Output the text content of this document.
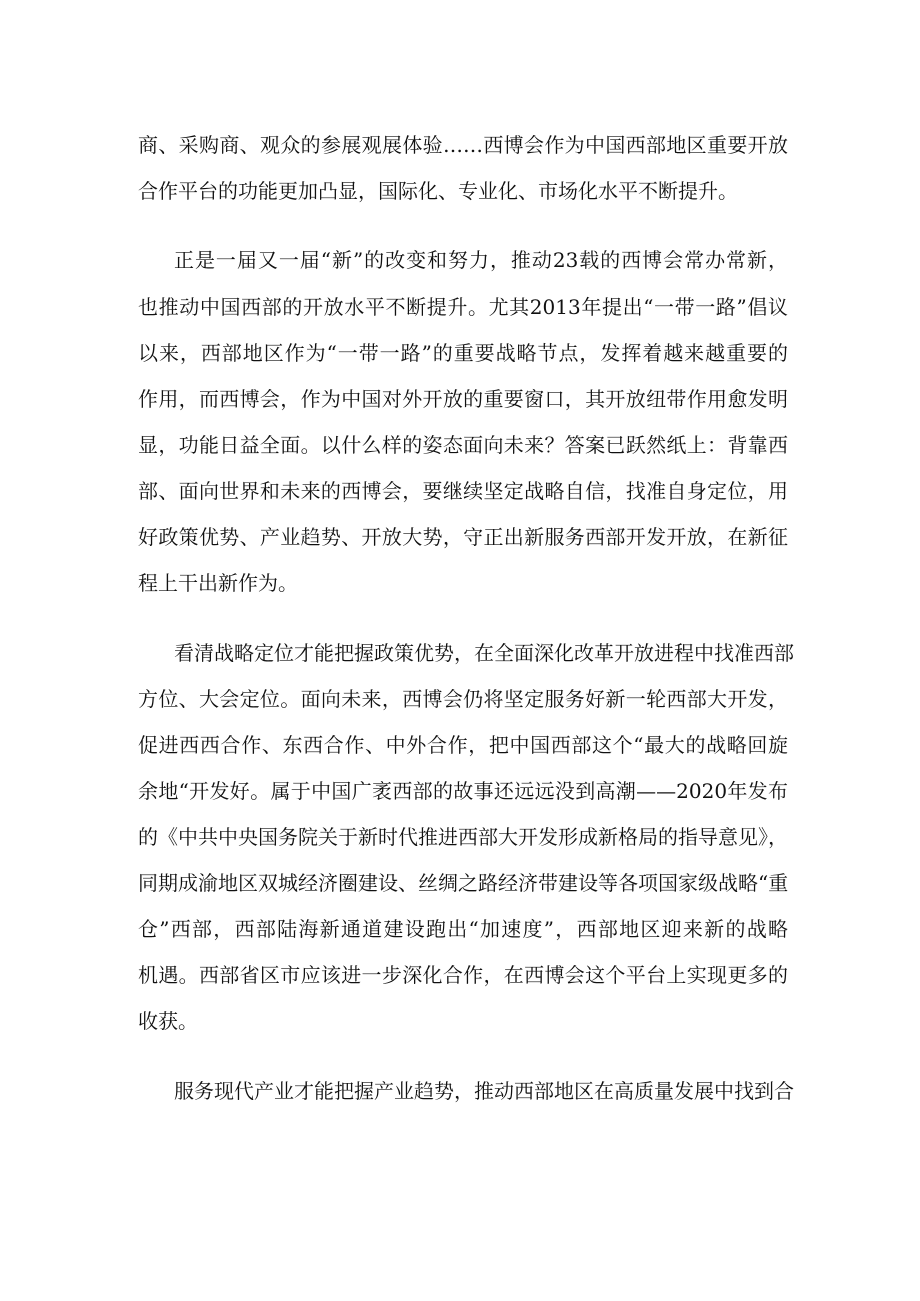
商、采购商、观众的参展观展体验……西博会作为中国西部地区重要开放

合作平台的功能更加凸显，国际化、专业化、市场化水平不断提升。

正是一届又一届“新”的改变和努力，推动23载的西博会常办常新，

也推动中国西部的开放水平不断提升。尤其2013年提出“一带一路”倡议

以来，西部地区作为“一带一路”的重要战略节点，发挥着越来越重要的

作用，而西博会，作为中国对外开放的重要窗口，其开放纽带作用愈发明

显，功能日益全面。以什么样的姿态面向未来？答案已跃然纸上：背靠西

部、面向世界和未来的西博会，要继续坚定战略自信，找准自身定位，用

好政策优势、产业趋势、开放大势，守正出新服务西部开发开放，在新征

程上干出新作为。

看清战略定位才能把握政策优势，在全面深化改革开放进程中找准西部

方位、大会定位。面向未来，西博会仍将坚定服务好新一轮西部大开发，

促进西西合作、东西合作、中外合作，把中国西部这个“最大的战略回旋

余地“开发好。属于中国广袤西部的故事还远远没到高潮——2020年发布

的《中共中央国务院关于新时代推进西部大开发形成新格局的指导意见》，

同期成渝地区双城经济圈建设、丝绸之路经济带建设等各项国家级战略“重

仓”西部，西部陆海新通道建设跑出“加速度”，西部地区迎来新的战略

机遇。西部省区市应该进一步深化合作，在西博会这个平台上实现更多的

收获。

服务现代产业才能把握产业趋势，推动西部地区在高质量发展中找到合
